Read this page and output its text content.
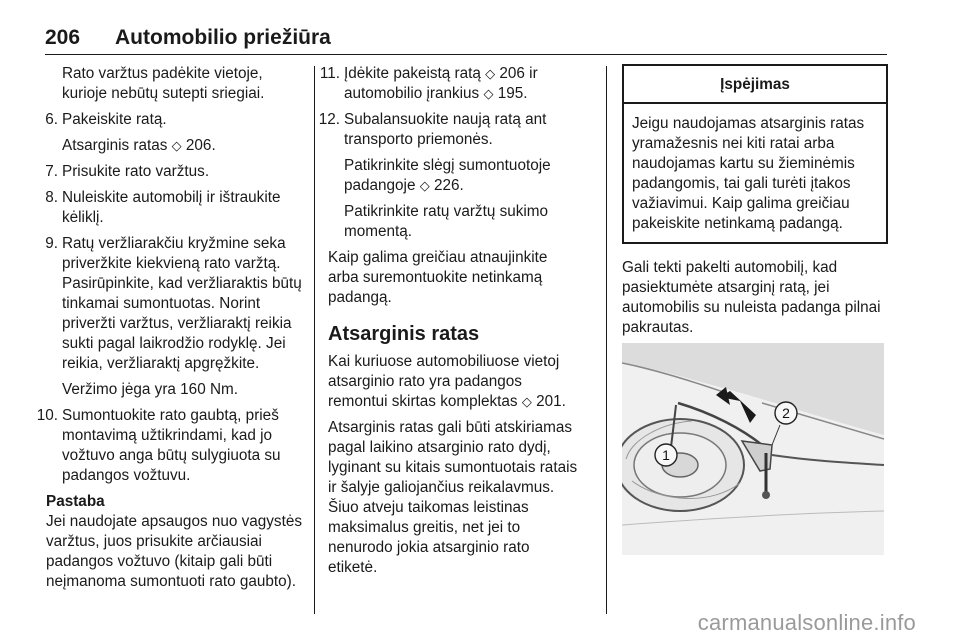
206 Automobilio priežiūra
Rato varžtus padėkite vietoje, kurioje nebūtų sutepti sriegiai.
6. Pakeiskite ratą.
Atsarginis ratas ◇ 206.
7. Prisukite rato varžtus.
8. Nuleiskite automobilį ir ištraukite kėliklį.
9. Ratų veržliarakčiu kryžmine seka priveržkite kiekvieną rato varžtą. Pasirūpinkite, kad veržliaraktis būtų tinkamai sumontuotas. Norint priveržti varžtus, veržliaraktį reikia sukti pagal laikrodžio rodyklę. Jei reikia, veržliaraktį apgręžkite.
Veržimo jėga yra 160 Nm.
10. Sumontuokite rato gaubtą, prieš montavimą užtikrindami, kad jo vožtuvo anga būtų sulygiuota su padangos vožtuvu.
Pastaba
Jei naudojate apsaugos nuo vagystės varžtus, juos prisukite arčiausiai padangos vožtuvo (kitaip gali būti neįmanoma sumontuoti rato gaubto).
11. Įdėkite pakeistą ratą ◇ 206 ir automobilio įrankius ◇ 195.
12. Subalansuokite naują ratą ant transporto priemonės.
Patikrinkite slėgį sumontuotoje padangoje ◇ 226.
Patikrinkite ratų varžtų sukimo momentą.
Kaip galima greičiau atnaujinkite arba suremontuokite netinkamą padangą.
Atsarginis ratas
Kai kuriuose automobiliuose vietoj atsarginio rato yra padangos remontui skirtas komplektas ◇ 201.
Atsarginis ratas gali būti atskiriamas pagal laikino atsarginio rato dydį, lyginant su kitais sumontuotais ratais ir šalyje galiojančius reikalavmus. Šiuo atveju taikomas leistinas maksimalus greitis, net jei to nenurodo jokia atsarginio rato etiketė.
Įspėjimas
Jeigu naudojamas atsarginis ratas yramažesnis nei kiti ratai arba naudojamas kartu su žieminėmis padangomis, tai gali turėti įtakos važiavimui. Kaip galima greičiau pakeiskite netinkamą padangą.
Gali tekti pakelti automobilį, kad pasiektumėte atsarginį ratą, jei automobilis su nuleista padanga pilnai pakrautas.
1
2
carmanualsonline.info
